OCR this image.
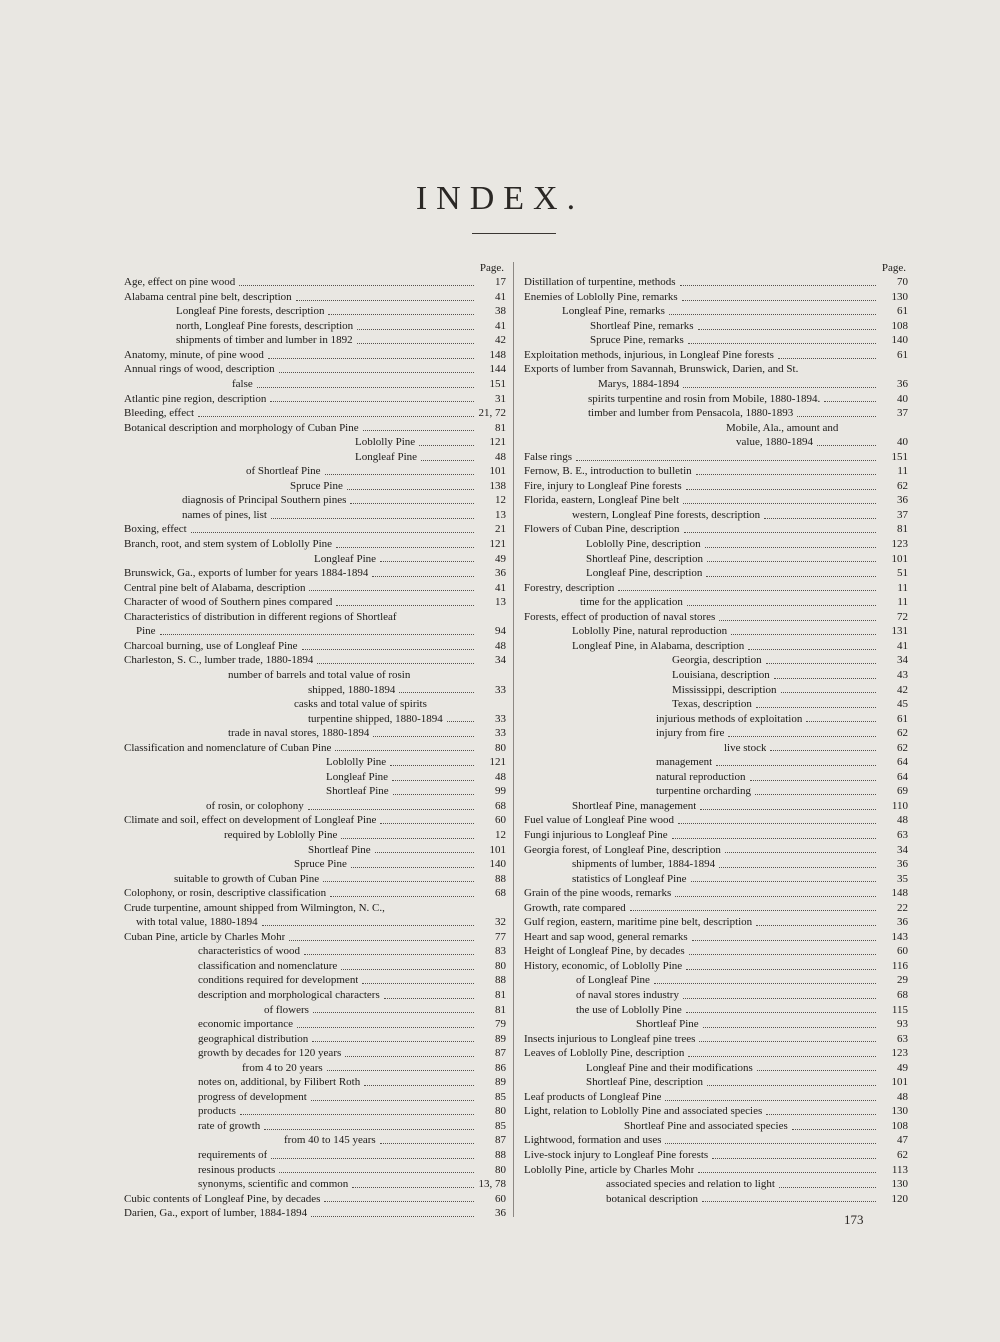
INDEX.
Page.
Age, effect on pine wood	17
Alabama central pine belt, description	41
Longleaf Pine forests, description	38
north, Longleaf Pine forests, description	41
shipments of timber and lumber in 1892	42
Anatomy, minute, of pine wood	148
Annual rings of wood, description	144
false	151
Atlantic pine region, description	31
Bleeding, effect	21, 72
Botanical description and morphology of Cuban Pine	81
Loblolly Pine	121
Longleaf Pine	48
of Shortleaf Pine	101
Spruce Pine	138
diagnosis of Principal Southern pines	12
names of pines, list	13
Boxing, effect	21
Branch, root, and stem system of Loblolly Pine	121
Longleaf Pine	49
Brunswick, Ga., exports of lumber for years 1884-1894	36
Central pine belt of Alabama, description	41
Character of wood of Southern pines compared	13
Characteristics of distribution in different regions of Shortleaf
Pine	94
Charcoal burning, use of Longleaf Pine	48
Charleston, S. C., lumber trade, 1880-1894	34
number of barrels and total value of rosin
shipped, 1880-1894	33
casks and total value of spirits
turpentine shipped, 1880-1894	33
trade in naval stores, 1880-1894	33
Classification and nomenclature of Cuban Pine	80
Loblolly Pine	121
Longleaf Pine	48
Shortleaf Pine	99
of rosin, or colophony	68
Climate and soil, effect on development of Longleaf Pine	60
required by Loblolly Pine	12
Shortleaf Pine	101
Spruce Pine	140
suitable to growth of Cuban Pine	88
Colophony, or rosin, descriptive classification	68
Crude turpentine, amount shipped from Wilmington, N. C.,
with total value, 1880-1894	32
Cuban Pine, article by Charles Mohr	77
characteristics of wood	83
classification and nomenclature	80
conditions required for development	88
description and morphological characters	81
of flowers	81
economic importance	79
geographical distribution	89
growth by decades for 120 years	87
from 4 to 20 years	86
notes on, additional, by Filibert Roth	89
progress of development	85
products	80
rate of growth	85
from 40 to 145 years	87
requirements of	88
resinous products	80
synonyms, scientific and common	13, 78
Cubic contents of Longleaf Pine, by decades	60
Darien, Ga., export of lumber, 1884-1894	36
Page.
Distillation of turpentine, methods	70
Enemies of Loblolly Pine, remarks	130
Longleaf Pine, remarks	61
Shortleaf Pine, remarks	108
Spruce Pine, remarks	140
Exploitation methods, injurious, in Longleaf Pine forests	61
Exports of lumber from Savannah, Brunswick, Darien, and St.
Marys, 1884-1894	36
spirits turpentine and rosin from Mobile, 1880-1894.	40
timber and lumber from Pensacola, 1880-1893	37
Mobile, Ala., amount and
value, 1880-1894	40
False rings	151
Fernow, B. E., introduction to bulletin	11
Fire, injury to Longleaf Pine forests	62
Florida, eastern, Longleaf Pine belt	36
western, Longleaf Pine forests, description	37
Flowers of Cuban Pine, description	81
Loblolly Pine, description	123
Shortleaf Pine, description	101
Longleaf Pine, description	51
Forestry, description	11
time for the application	11
Forests, effect of production of naval stores	72
Loblolly Pine, natural reproduction	131
Longleaf Pine, in Alabama, description	41
Georgia, description	34
Louisiana, description	43
Mississippi, description	42
Texas, description	45
injurious methods of exploitation	61
injury from fire	62
live stock	62
management	64
natural reproduction	64
turpentine orcharding	69
Shortleaf Pine, management	110
Fuel value of Longleaf Pine wood	48
Fungi injurious to Longleaf Pine	63
Georgia forest, of Longleaf Pine, description	34
shipments of lumber, 1884-1894	36
statistics of Longleaf Pine	35
Grain of the pine woods, remarks	148
Growth, rate compared	22
Gulf region, eastern, maritime pine belt, description	36
Heart and sap wood, general remarks	143
Height of Longleaf Pine, by decades	60
History, economic, of Loblolly Pine	116
of Longleaf Pine	29
of naval stores industry	68
the use of Loblolly Pine	115
Shortleaf Pine	93
Insects injurious to Longleaf pine trees	63
Leaves of Loblolly Pine, description	123
Longleaf Pine and their modifications	49
Shortleaf Pine, description	101
Leaf products of Longleaf Pine	48
Light, relation to Loblolly Pine and associated species	130
Shortleaf Pine and associated species	108
Lightwood, formation and uses	47
Live-stock injury to Longleaf Pine forests	62
Loblolly Pine, article by Charles Mohr	113
associated species and relation to light	130
botanical description	120
173
